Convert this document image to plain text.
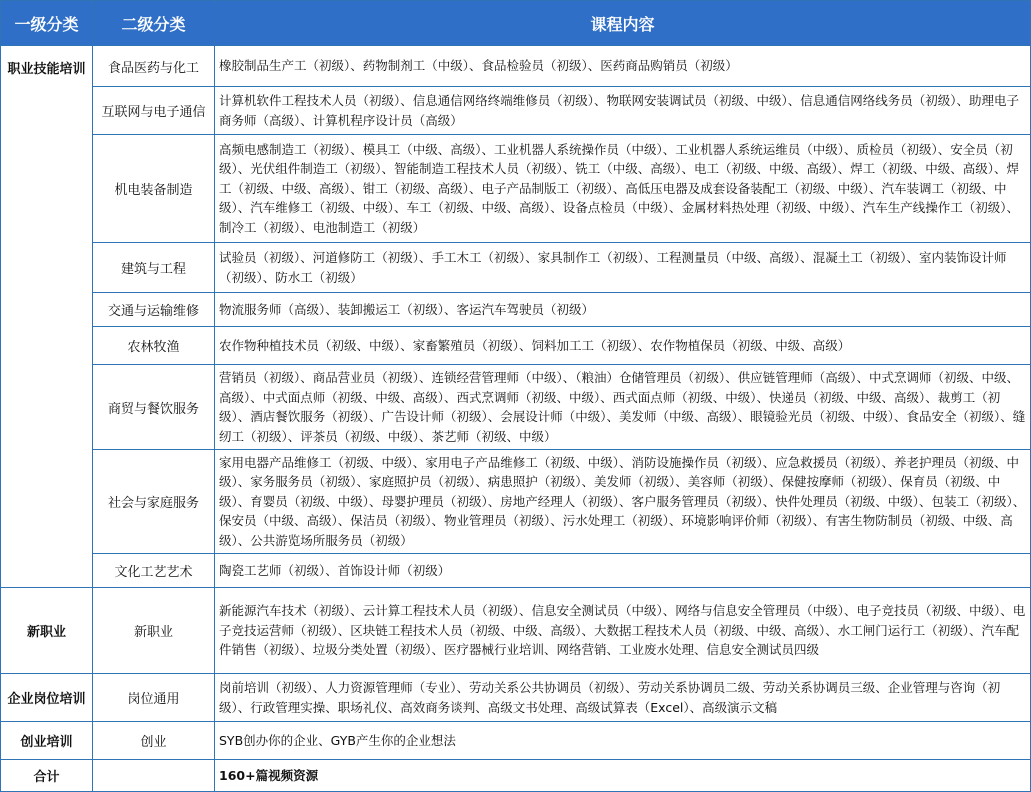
一级分类	二级分类	课程内容
职业技能培训	食品医药与化工	橡胶制品生产工（初级）、药物制剂工（中级）、食品检验员（初级）、医药商品购销员（初级）
	互联网与电子通信	计算机软件工程技术人员（初级）、信息通信网络终端维修员（初级）、物联网安装调试员（初级、中级）、信息通信网络线务员（初级）、助理电子商务师（高级）、计算机程序设计员（高级）
	机电装备制造	高频电感制造工（初级）、模具工（中级、高级）、工业机器人系统操作员（中级）、工业机器人系统运维员（中级）、质检员（初级）、安全员（初级）、光伏组件制造工（初级）、智能制造工程技术人员（初级）、铣工（中级、高级）、电工（初级、中级、高级）、焊工（初级、中级、高级）、焊工（初级、中级、高级）、钳工（初级、高级）、电子产品制版工（初级）、高低压电器及成套设备装配工（初级、中级）、汽车装调工（初级、中级）、汽车维修工（初级、中级）、车工（初级、中级、高级）、设备点检员（中级）、金属材料热处理（初级、中级）、汽车生产线操作工（初级）、制冷工（初级）、电池制造工（初级）
	建筑与工程	试验员（初级）、河道修防工（初级）、手工木工（初级）、家具制作工（初级）、工程测量员（中级、高级）、混凝土工（初级）、室内装饰设计师（初级）、防水工（初级）
	交通与运输维修	物流服务师（高级）、装卸搬运工（初级）、客运汽车驾驶员（初级）
	农林牧渔	农作物种植技术员（初级、中级）、家畜繁殖员（初级）、饲料加工工（初级）、农作物植保员（初级、中级、高级）
	商贸与餐饮服务	营销员（初级）、商品营业员（初级）、连锁经营管理师（中级）、（粮油）仓储管理员（初级）、供应链管理师（高级）、中式烹调师（初级、中级、高级）、中式面点师（初级、中级、高级）、西式烹调师（初级、中级）、西式面点师（初级、中级）、快递员（初级、中级、高级）、裁剪工（初级）、酒店餐饮服务（初级）、广告设计师（初级）、会展设计师（中级）、美发师（中级、高级）、眼镜验光员（初级、中级）、食品安全（初级）、缝纫工（初级）、评茶员（初级、中级）、茶艺师（初级、中级）
	社会与家庭服务	家用电器产品维修工（初级、中级）、家用电子产品维修工（初级、中级）、消防设施操作员（初级）、应急救援员（初级）、养老护理员（初级、中级）、家务服务员（初级）、家庭照护员（初级）、病患照护（初级）、美发师（初级）、美容师（初级）、保健按摩师（初级）、保育员（初级、中级）、育婴员（初级、中级）、母婴护理员（初级）、房地产经理人（初级）、客户服务管理员（初级）、快件处理员（初级、中级）、包装工（初级）、保安员（中级、高级）、保洁员（初级）、物业管理员（初级）、污水处理工（初级）、环境影响评价师（初级）、有害生物防制员（初级、中级、高级）、公共游览场所服务员（初级）
	文化工艺艺术	陶瓷工艺师（初级）、首饰设计师（初级）
新职业	新职业	新能源汽车技术（初级）、云计算工程技术人员（初级）、信息安全测试员（中级）、网络与信息安全管理员（中级）、电子竞技员（初级、中级）、电子竞技运营师（初级）、区块链工程技术人员（初级、中级、高级）、大数据工程技术人员（初级、中级、高级）、水工闸门运行工（初级）、汽车配件销售（初级）、垃圾分类处置（初级）、医疗器械行业培训、网络营销、工业废水处理、信息安全测试员四级
企业岗位培训	岗位通用	岗前培训（初级）、人力资源管理师（专业）、劳动关系公共协调员（初级）、劳动关系协调员二级、劳动关系协调员三级、企业管理与咨询（初级）、行政管理实操、职场礼仪、高效商务谈判、高级文书处理、高级试算表（Excel）、高级演示文稿
创业培训	创业	SYB创办你的企业、GYB产生你的企业想法
合计		160+篇视频资源
